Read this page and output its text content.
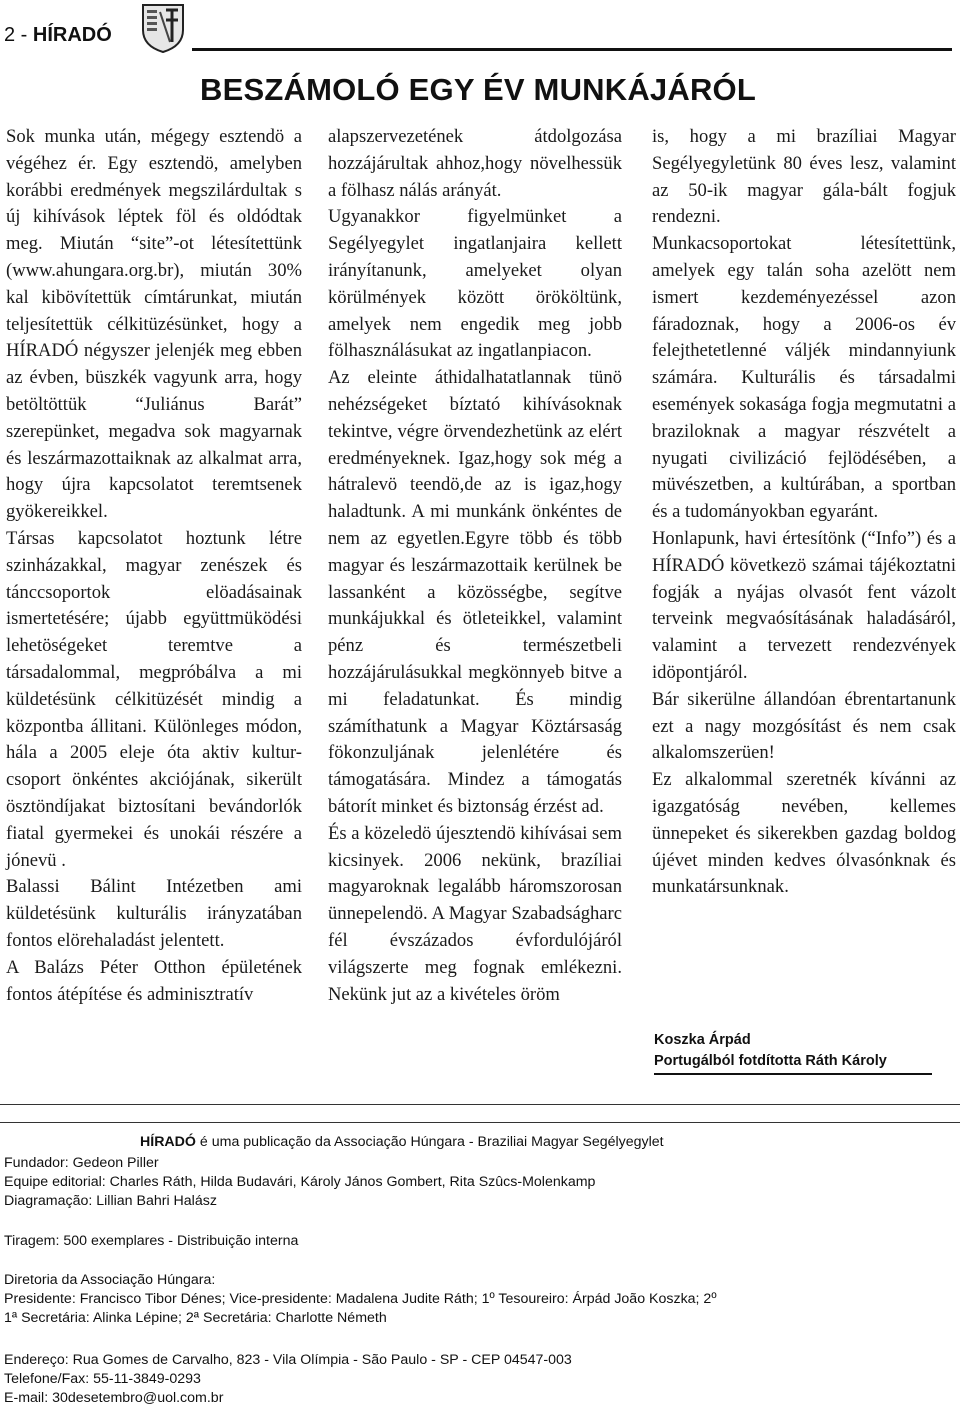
2 - HÍRADÓ
BESZÁMOLÓ EGY ÉV MUNKÁJÁRÓL

Sok munka után, mégegy esztendö a végéhez ér. Egy esztendö, amelyben korábbi eredmények megszilárdultak s új kihívások léptek föl és oldódtak meg. Miután “site”-ot létesítettünk (www.ahungara.org.br), miután 30% kal kibövítettük címtárunkat, miután teljesítettük célkitüzésünket, hogy a HÍRADÓ négyszer jelenjék meg ebben az évben, büszkék vagyunk arra, hogy betöltöttük “Juliánus Barát” szerepünket, megadva sok magyarnak és leszármazottaiknak az alkalmat arra, hogy újra kapcsolatot teremtsenek gyökereikkel.

Társas kapcsolatot hoztunk létre szinházakkal, magyar zenészek és tánccsoportok elöadásainak ismertetésére; újabb együttmüködési lehetöségeket teremtve a társadalommal, megpróbálva a mi küldetésünk célkitüzését mindig a központba állitani. Különleges módon, hála a 2005 eleje óta aktiv kultur-csoport önkéntes akciójának, sikerült ösztöndíjakat biztosítani bevándorlók fiatal gyermekei és unokái részére a jónevü .

Balassi Bálint Intézetben ami küldetésünk kulturális irányzatában fontos elörehaladást jelentett.

A Balázs Péter Otthon épületének fontos átépítése és adminisztratív

alapszervezetének átdolgozása hozzájárultak ahhoz,hogy növelhessük a fölhasz nálás arányát.

Ugyanakkor figyelmünket a Segélyegylet ingatlanjaira kellett irányítanunk, amelyeket olyan körülmények között örököltünk, amelyek nem engedik meg jobb fölhasználásukat az ingatlanpiacon.

Az eleinte áthidalhatatlannak tünö nehézségeket bíztató kihívásoknak tekintve, végre örvendezhetünk az elért eredményeknek. Igaz,hogy sok még a hátralevö teendö,de az is igaz,hogy haladtunk. A mi munkánk önkéntes de nem az egyetlen.Egyre több és több magyar és leszármazottaik kerülnek be lassanként a közösségbe, segítve munkájukkal és ötleteikkel, valamint pénz és természetbeli hozzájárulásukkal megkönnyeb bitve a mi feladatunkat. És mindig számíthatunk a Magyar Köztársaság fökonzuljának jelenlétére és támogatására. Mindez a támogatás bátorít minket és biztonság érzést ad.

És a közeledö újesztendö kihívásai sem kicsinyek. 2006 nekünk, brazíliai magyaroknak legalább háromszorosan ünnepelendö. A Magyar Szabadságharc fél évszázados évfordulójáról világszerte meg fognak emlékezni. Nekünk jut az a kivételes öröm

is, hogy a mi brazíliai Magyar Segélyegyletünk 80 éves lesz, valamint az 50-ik magyar gála-bált fogjuk rendezni.

Munkacsoportokat létesítettünk, amelyek egy talán soha azelött nem ismert kezdeményezéssel azon fáradoznak, hogy a 2006-os év felejthetetlenné váljék mindannyiunk számára. Kulturális és társadalmi események sokasága fogja megmutatni a braziloknak a magyar részvételt a nyugati civilizáció fejlödésében, a müvészetben, a kultúrában, a sportban és a tudományokban egyaránt.

Honlapunk, havi értesítönk (“Info”) és a HÍRADÓ következö számai tájékoztatni fogják a nyájas olvasót fent vázolt terveink megvaósításának haladásáról, valamint a tervezett rendezvények idöpontjáról.

Bár sikerülne állandóan ébrentartanunk ezt a nagy mozgósítást és nem csak alkalomszerüen!

Ez alkalommal szeretnék kívánni az igazgatóság nevében, kellemes ünnepeket és sikerekben gazdag boldog újévet minden kedves ólvasónknak és munkatársunknak.

Koszka Árpád
Portugálból fotdította Ráth Károly

HÍRADÓ é uma publicação da Associação Húngara - Braziliai Magyar Segélyegylet

Fundador: Gedeon Piller

Equipe editorial: Charles Ráth, Hilda Budavári, Károly János Gombert, Rita Szûcs-Molenkamp

Diagramação: Lillian Bahri Halász

Tiragem: 500 exemplares - Distribuição interna

Diretoria da Associação Húngara:

Presidente: Francisco Tibor Dénes; Vice-presidente: Madalena Judite Ráth; 1º Tesoureiro: Árpád João Koszka; 2º

1ª Secretária: Alinka Lépine; 2ª Secretária: Charlotte Németh

Endereço: Rua Gomes de Carvalho, 823 - Vila Olímpia - São Paulo - SP - CEP 04547-003

Telefone/Fax: 55-11-3849-0293

E-mail: 30desetembro@uol.com.br
